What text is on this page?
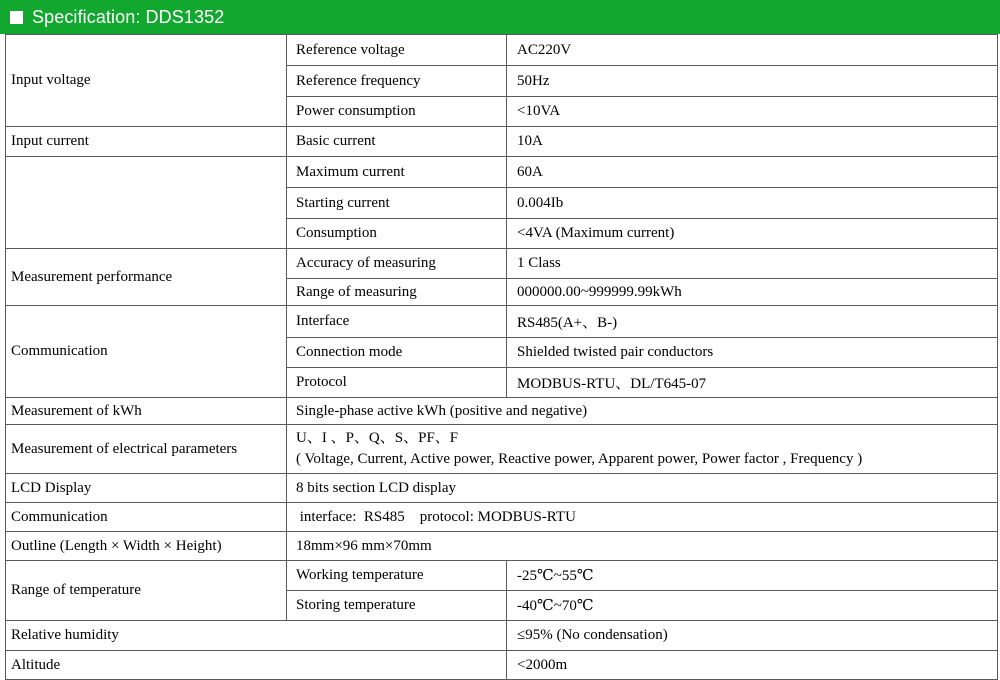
Specification: DDS1352
Input voltage	Reference voltage	AC220V
	Reference frequency	50Hz
	Power consumption	<10VA
Input current	Basic current	10A
	Maximum current	60A
	Starting current	0.004Ib
	Consumption	<4VA (Maximum current)
Measurement performance	Accuracy of measuring	1 Class
	Range of measuring	000000.00~999999.99kWh
Communication	Interface	RS485(A+、B-)
	Connection mode	Shielded twisted pair conductors
	Protocol	MODBUS-RTU、DL/T645-07
Measurement of kWh	Single-phase active kWh (positive and negative)	
Measurement of electrical parameters	U、I 、P、Q、S、PF、F
( Voltage, Current, Active power, Reactive power, Apparent power, Power factor , Frequency )	

LCD Display	8 bits section LCD display	
Communication	interface:  RS485    protocol: MODBUS-RTU	
Outline (Length × Width × Height)	18mm×96 mm×70mm	
Range of temperature	Working temperature	-25℃~55℃
	Storing temperature	-40℃~70℃
Relative humidity		≤95% (No condensation)
Altitude		<2000m
